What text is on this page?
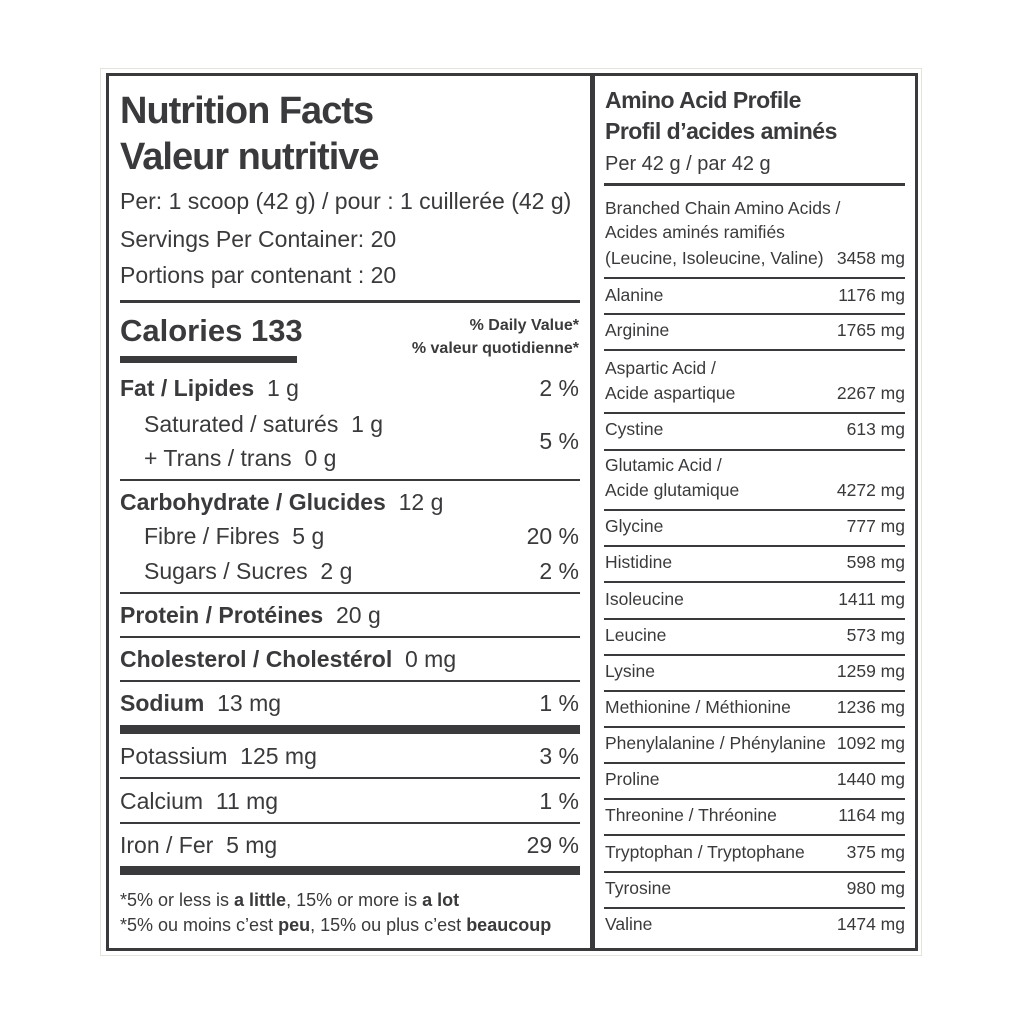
Nutrition Facts
Valeur nutritive
Per: 1 scoop (42 g) / pour : 1 cuillerée (42 g)
Servings Per Container: 20
Portions par contenant : 20
Calories 133	% Daily Value*
% valeur quotidienne*
Fat / Lipides 1 g	2 %
Saturated / saturés 1 g
+ Trans / trans 0 g
5 %
Carbohydrate / Glucides 12 g
Fibre / Fibres 5 g	20 %
Sugars / Sucres 2 g	2 %
Protein / Protéines 20 g
Cholesterol / Cholestérol 0 mg
Sodium 13 mg	1 %
Potassium 125 mg	3 %
Calcium 11 mg	1 %
Iron / Fer 5 mg	29 %
*5% or less is a little, 15% or more is a lot
*5% ou moins c’est peu, 15% ou plus c’est beaucoup
Amino Acid Profile
Profil d’acides aminés
Per 42 g / par 42 g
Branched Chain Amino Acids /
Acides aminés ramifiés
(Leucine, Isoleucine, Valine) 3458 mg
Alanine	1176 mg
Arginine	1765 mg
Aspartic Acid /
Acide aspartique	2267 mg
Cystine	613 mg
Glutamic Acid /
Acide glutamique	4272 mg
Glycine	777 mg
Histidine	598 mg
Isoleucine	1411 mg
Leucine	573 mg
Lysine	1259 mg
Methionine / Méthionine	1236 mg
Phenylalanine / Phénylanine 1092 mg
Proline	1440 mg
Threonine / Thréonine	1164 mg
Tryptophan / Tryptophane 375 mg
Tyrosine	980 mg
Valine	1474 mg
